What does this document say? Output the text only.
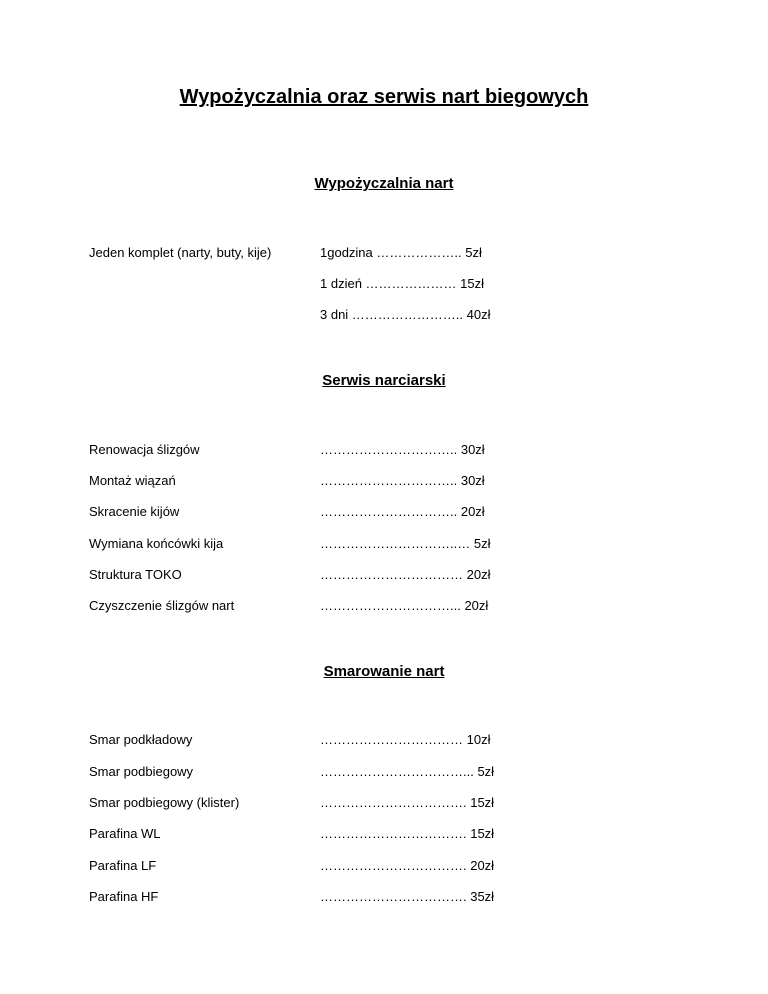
Wypożyczalnia oraz serwis nart biegowych
Wypożyczalnia nart
Jeden komplet (narty, buty, kije)	1godzina ……………….. 5zł
1 dzień ………………… 15zł
3 dni …………………….. 40zł
Serwis narciarski
Renowacja ślizgów	………………………….. 30zł
Montaż wiązań	………………………….. 30zł
Skracenie kijów	………………………….. 20zł
Wymiana końcówki kija	…………………………..… 5zł
Struktura TOKO	…………………………… 20zł
Czyszczenie ślizgów nart	…………………………... 20zł
Smarowanie nart
Smar podkładowy	…………………………… 10zł
Smar podbiegowy	……………………………... 5zł
Smar podbiegowy (klister)	……………………………. 15zł
Parafina WL	……………………………. 15zł
Parafina LF	……………………………. 20zł
Parafina HF	……………………………. 35zł
